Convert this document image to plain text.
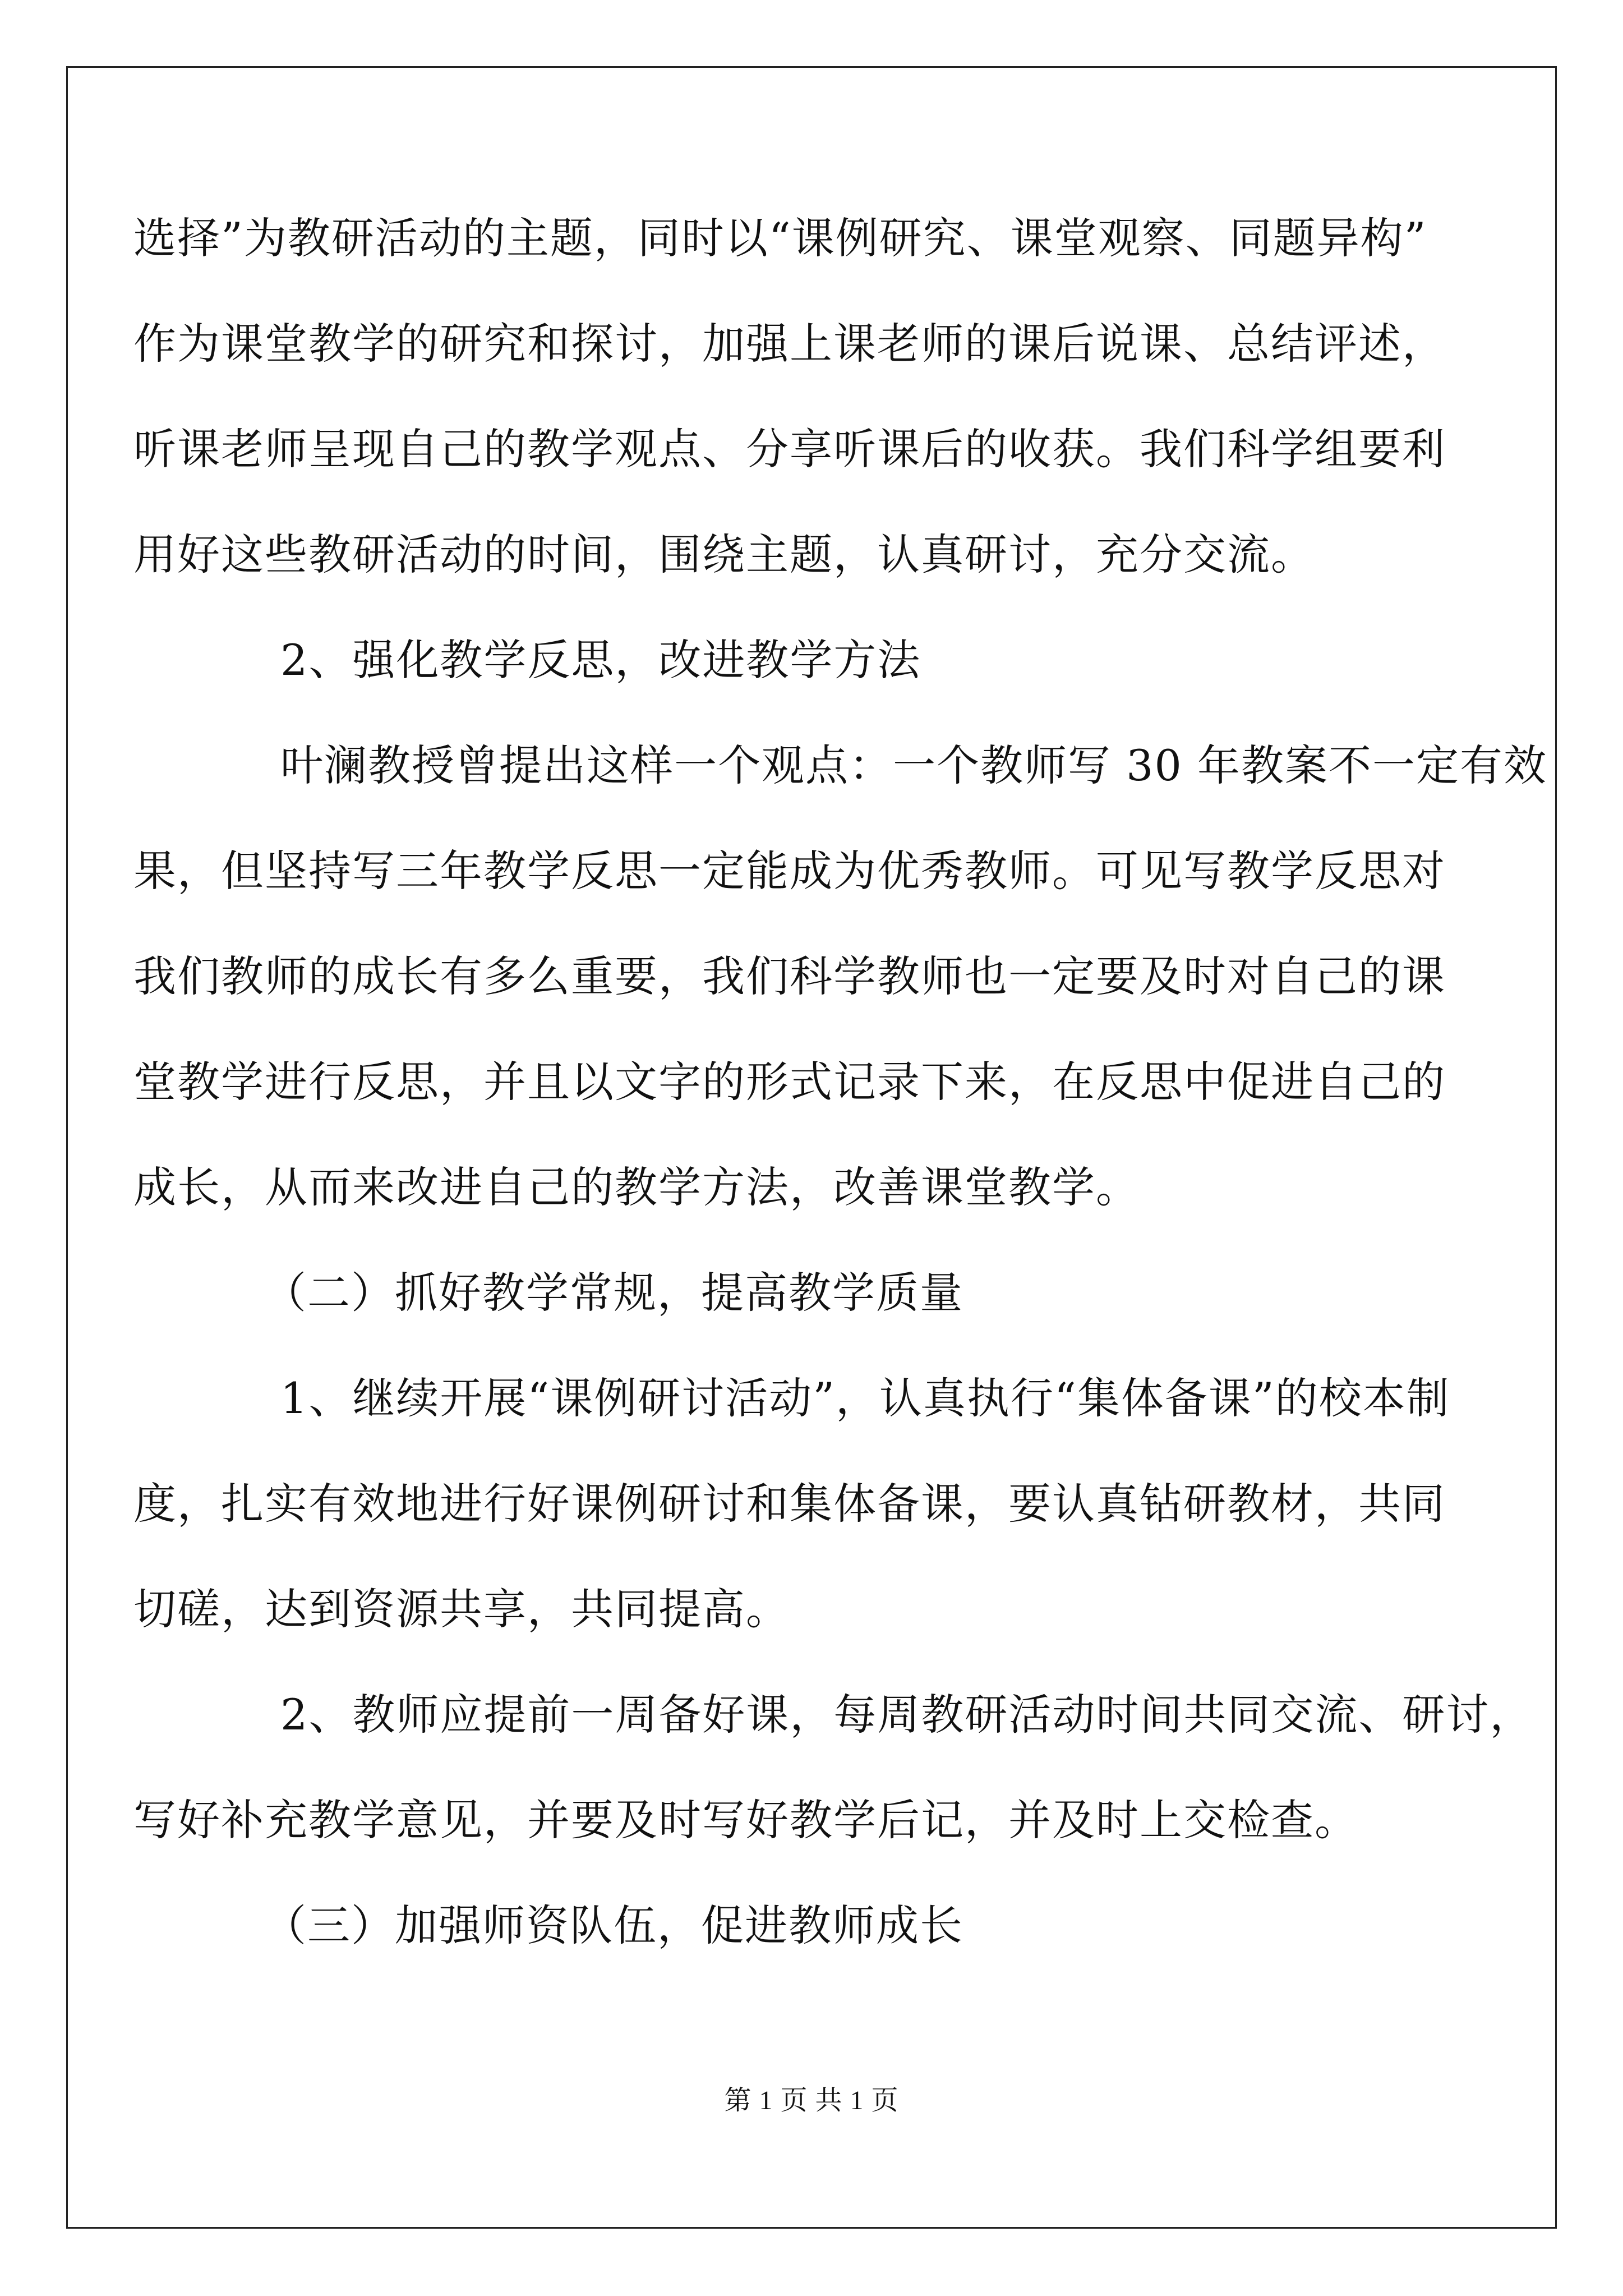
选择”为教研活动的主题，同时以“课例研究、课堂观察、同题异构”
作为课堂教学的研究和探讨，加强上课老师的课后说课、总结评述，
听课老师呈现自己的教学观点、分享听课后的收获。我们科学组要利
用好这些教研活动的时间，围绕主题，认真研讨，充分交流。
2、强化教学反思，改进教学方法
叶澜教授曾提出这样一个观点：一个教师写 30 年教案不一定有效
果，但坚持写三年教学反思一定能成为优秀教师。可见写教学反思对
我们教师的成长有多么重要，我们科学教师也一定要及时对自己的课
堂教学进行反思，并且以文字的形式记录下来，在反思中促进自己的
成长，从而来改进自己的教学方法，改善课堂教学。
（二）抓好教学常规，提高教学质量
1、继续开展“课例研讨活动”，认真执行“集体备课”的校本制
度，扎实有效地进行好课例研讨和集体备课，要认真钻研教材，共同
切磋，达到资源共享，共同提高。
2、教师应提前一周备好课，每周教研活动时间共同交流、研讨，
写好补充教学意见，并要及时写好教学后记，并及时上交检查。
（三）加强师资队伍，促进教师成长
第 1 页 共 1 页
